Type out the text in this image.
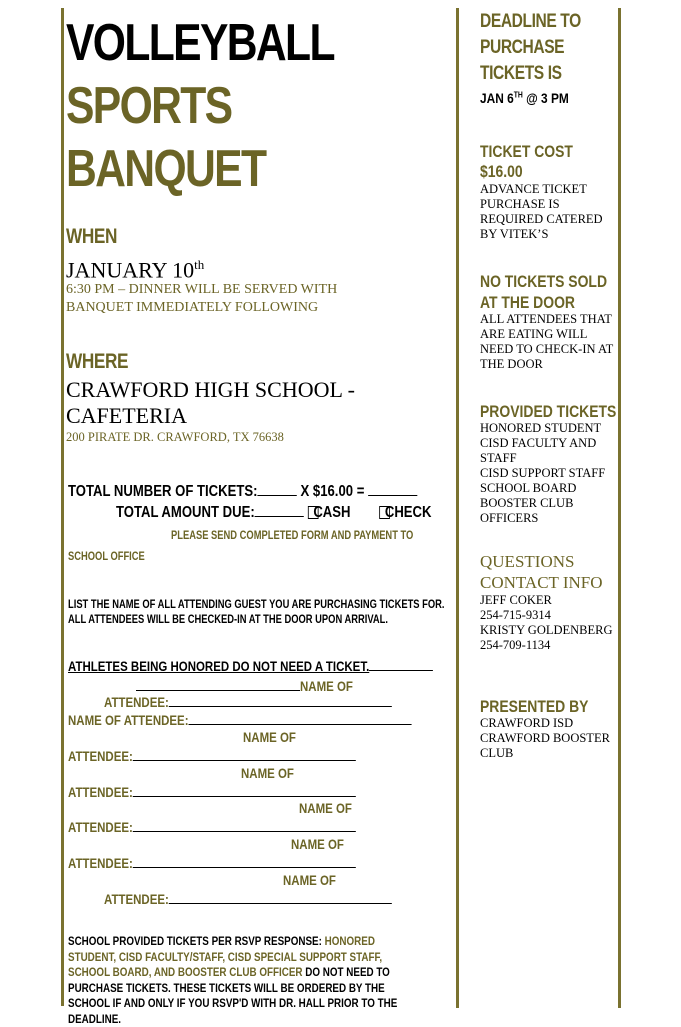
VOLLEYBALL
SPORTS
BANQUET
WHEN
JANUARY 10th
6:30 PM – DINNER WILL BE SERVED WITH
BANQUET IMMEDIATELY FOLLOWING
WHERE
CRAWFORD HIGH SCHOOL -
CAFETERIA
200 PIRATE DR. CRAWFORD, TX 76638
TOTAL NUMBER OF TICKETS:	X $16.00 =
TOTAL AMOUNT DUE:	CASH CHECK
PLEASE SEND COMPLETED FORM AND PAYMENT TO
SCHOOL OFFICE
LIST THE NAME OF ALL ATTENDING GUEST YOU ARE PURCHASING TICKETS FOR.
ALL ATTENDEES WILL BE CHECKED-IN AT THE DOOR UPON ARRIVAL.
ATHLETES BEING HONORED DO NOT NEED A TICKET.
NAME OF
ATTENDEE:
NAME OF ATTENDEE:
NAME OF
ATTENDEE:
NAME OF
ATTENDEE:
NAME OF
ATTENDEE:
NAME OF
ATTENDEE:
NAME OF
ATTENDEE:
SCHOOL PROVIDED TICKETS PER RSVP RESPONSE: HONORED STUDENT, CISD FACULTY/STAFF, CISD SPECIAL SUPPORT STAFF, SCHOOL BOARD, AND BOOSTER CLUB OFFICER DO NOT NEED TO PURCHASE TICKETS. THESE TICKETS WILL BE ORDERED BY THE SCHOOL IF AND ONLY IF YOU RSVP'D WITH DR. HALL PRIOR TO THE DEADLINE.
DEADLINE TO
PURCHASE
TICKETS IS
JAN 6TH @ 3 PM
TICKET COST
$16.00
ADVANCE TICKET
PURCHASE IS
REQUIRED CATERED
BY VITEK’S
NO TICKETS SOLD
AT THE DOOR
ALL ATTENDEES THAT
ARE EATING WILL
NEED TO CHECK-IN AT
THE DOOR
PROVIDED TICKETS
HONORED STUDENT
CISD FACULTY AND
STAFF
CISD SUPPORT STAFF
SCHOOL BOARD
BOOSTER CLUB
OFFICERS
QUESTIONS
CONTACT INFO
JEFF COKER
254-715-9314
KRISTY GOLDENBERG
254-709-1134
PRESENTED BY
CRAWFORD ISD
CRAWFORD BOOSTER
CLUB
